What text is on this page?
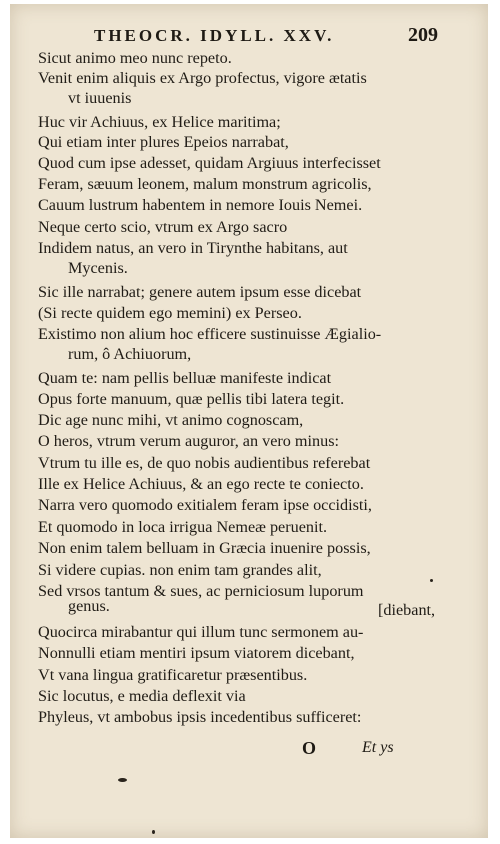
THEOCR. IDYLL. XXV.	209
Sicut animo meo nunc repeto.
Venit enim aliquis ex Argo profectus, vigore ætatis
vt iuuenis
Huc vir Achiuus, ex Helice maritima;
Qui etiam inter plures Epeios narrabat,
Quod cum ipse adesset, quidam Argiuus interfecisset
Feram, sæuum leonem, malum monstrum agricolis,
Cauum lustrum habentem in nemore Iouis Nemei.
Neque certo scio, vtrum ex Argo sacro
Indidem natus, an vero in Tirynthe habitans, aut
Mycenis.
Sic ille narrabat; genere autem ipsum esse dicebat
(Si recte quidem ego memini) ex Perseo.
Existimo non alium hoc efficere sustinuisse Ægialio-
rum, ô Achiuorum,
Quam te: nam pellis belluæ manifeste indicat
Opus forte manuum, quæ pellis tibi latera tegit.
Dic age nunc mihi, vt animo cognoscam,
O heros, vtrum verum auguror, an vero minus:
Vtrum tu ille es, de quo nobis audientibus referebat
Ille ex Helice Achiuus, & an ego recte te coniecto.
Narra vero quomodo exitialem feram ipse occidisti,
Et quomodo in loca irrigua Nemeæ peruenit.
Non enim talem belluam in Græcia inuenire possis,
Si videre cupias. non enim tam grandes alit,
Sed vrsos tantum & sues, ac perniciosum luporum
[diebant,
genus.
Quocirca mirabantur qui illum tunc sermonem au-
Nonnulli etiam mentiri ipsum viatorem dicebant,
Vt vana lingua gratificaretur præsentibus.
Sic locutus, e media deflexit via
Phyleus, vt ambobus ipsis incedentibus sufficeret:
O	Et ys
